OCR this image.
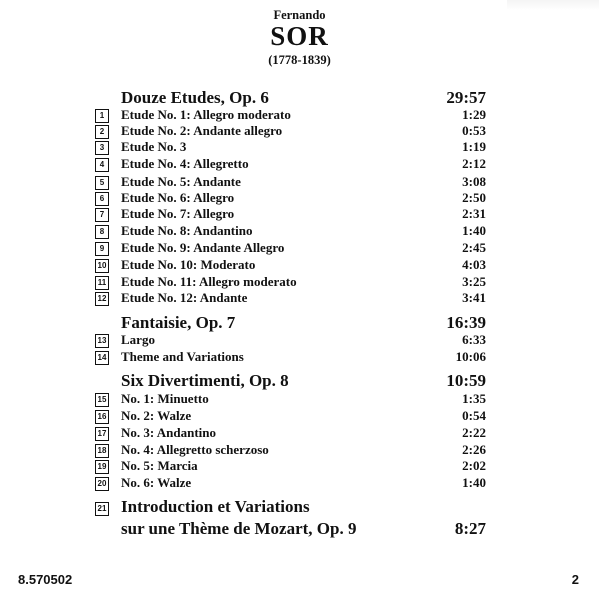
Fernando
SOR
(1778-1839)
Douze Etudes, Op. 6	29:57
1	Etude No. 1: Allegro moderato	1:29
2	Etude No. 2: Andante allegro	0:53
3	Etude No. 3	1:19
4	Etude No. 4: Allegretto	2:12
5	Etude No. 5: Andante	3:08
6	Etude No. 6: Allegro	2:50
7	Etude No. 7: Allegro	2:31
8	Etude No. 8: Andantino	1:40
9	Etude No. 9: Andante Allegro	2:45
10 Etude No. 10: Moderato	4:03
11 Etude No. 11: Allegro moderato	3:25
12 Etude No. 12: Andante	3:41
Fantaisie, Op. 7	16:39
13 Largo	6:33
14 Theme and Variations	10:06
Six Divertimenti, Op. 8	10:59
15 No. 1: Minuetto	1:35
16 No. 2: Walze	0:54
17 No. 3: Andantino	2:22
18 No. 4: Allegretto scherzoso	2:26
19 No. 5: Marcia	2:02
20 No. 6: Walze	1:40
21 Introduction et Variations
sur une Thème de Mozart, Op. 9	8:27
8.570502	2
